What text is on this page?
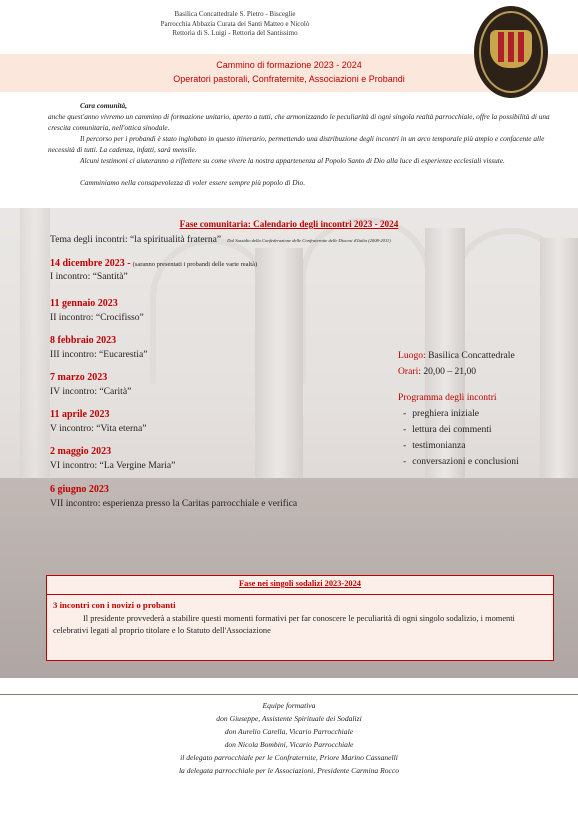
Basilica Concattedrale S. Pietro - Bisceglie
Parrocchia Abbazia Curata dei Santi Matteo e Nicolò
Rettoria di S. Luigi - Rettoria del Santissimo
Cammino di formazione 2023 - 2024
Operatori pastorali, Confraternite, Associazioni e Probandi
Cara comunità,
anche quest'anno vivremo un cammino di formazione unitario, aperto a tutti, che armonizzando le peculiarità di ogni singola realtà parrocchiale, offre la possibilità di una crescita comunitaria, nell'ottica sinodale.
Il percorso per i probandi è stato inglobato in questo itinerario, permettendo una distribuzione degli incontri in un arco temporale più ampio e confacente alle necessità di tutti. La cadenza, infatti, sarà mensile.
Alcuni testimoni ci aiuteranno a riflettere su come vivere la nostra appartenenza al Popolo Santo di Dio alla luce di esperienze ecclesiali vissute.
Camminiamo nella consapevolezza di voler essere sempre più popolo di Dio.
Fase comunitaria: Calendario degli incontri 2023 - 2024
Tema degli incontri: “la spiritualità fraterna” Dal Sussidio della Confederazione delle Confraternite delle Diocesi d'Italia (2008-2011)
14 dicembre 2023 - (saranno presentati i probandi delle varie realtà)
I incontro: “Santità”
11 gennaio 2023
II incontro: “Crocifisso”
8 febbraio 2023
III incontro: “Eucarestia”
7 marzo 2023
IV incontro: “Carità”
11 aprile 2023
V incontro: “Vita eterna”
2 maggio 2023
VI incontro: “La Vergine Maria”
6 giugno 2023
VII incontro: esperienza presso la Caritas parrocchiale e verifica
Luogo: Basilica Concattedrale
Orari: 20,00 – 21,00
Programma degli incontri
- preghiera iniziale
- lettura dei commenti
- testimonianza
- conversazioni e conclusioni
Fase nei singoli sodalizi 2023-2024
3 incontri con i novizi o probanti
Il presidente provvederà a stabilire questi momenti formativi per far conoscere le peculiarità di ogni singolo sodalizio, i momenti celebrativi legati al proprio titolare e lo Statuto dell'Associazione
Equipe formativa
don Giuseppe, Assistente Spirituale dei Sodalizi
don Aurelio Carella, Vicario Parrocchiale
don Nicola Bombini, Vicario Parrocchiale
il delegato parrocchiale per le Confraternite, Priore Marino Cassanelli
la delegata parrocchiale per le Associazioni, Presidente Carmina Rocco
